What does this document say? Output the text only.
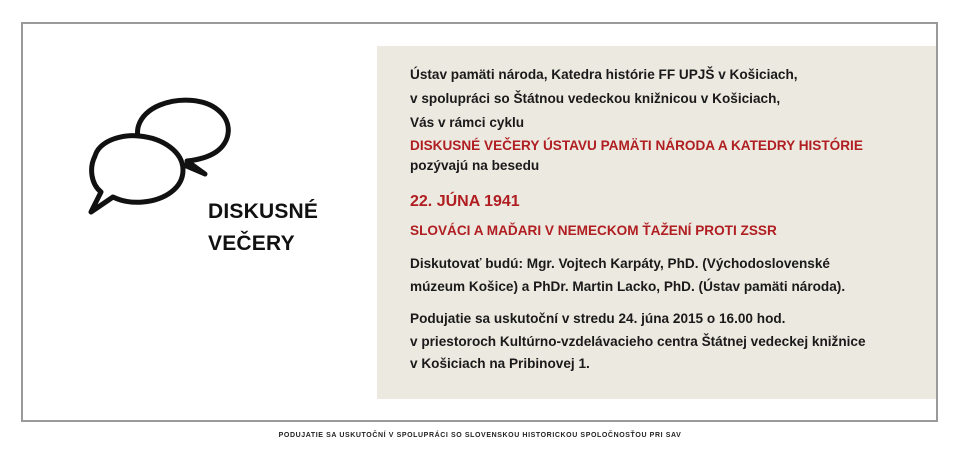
DISKUSNÉ
VEČERY
Ústav pamäti národa, Katedra histórie FF UPJŠ v Košiciach,
v spolupráci so Štátnou vedeckou knižnicou v Košiciach,
Vás v rámci cyklu
DISKUSNÉ VEČERY ÚSTAVU PAMÄTI NÁRODA A KATEDRY HISTÓRIE
pozývajú na besedu
22. JÚNA 1941
SLOVÁCI A MAĎARI V NEMECKOM ŤAŽENÍ PROTI ZSSR
Diskutovať budú: Mgr. Vojtech Karpáty, PhD. (Východoslovenské
múzeum Košice) a PhDr. Martin Lacko, PhD. (Ústav pamäti národa).
Podujatie sa uskutoční v stredu 24. júna 2015 o 16.00 hod.
v priestoroch Kultúrno-vzdelávacieho centra Štátnej vedeckej knižnice
v Košiciach na Pribinovej 1.
PODUJATIE SA USKUTOČNÍ V SPOLUPRÁCI SO SLOVENSKOU HISTORICKOU SPOLOČNOSŤOU PRI SAV
